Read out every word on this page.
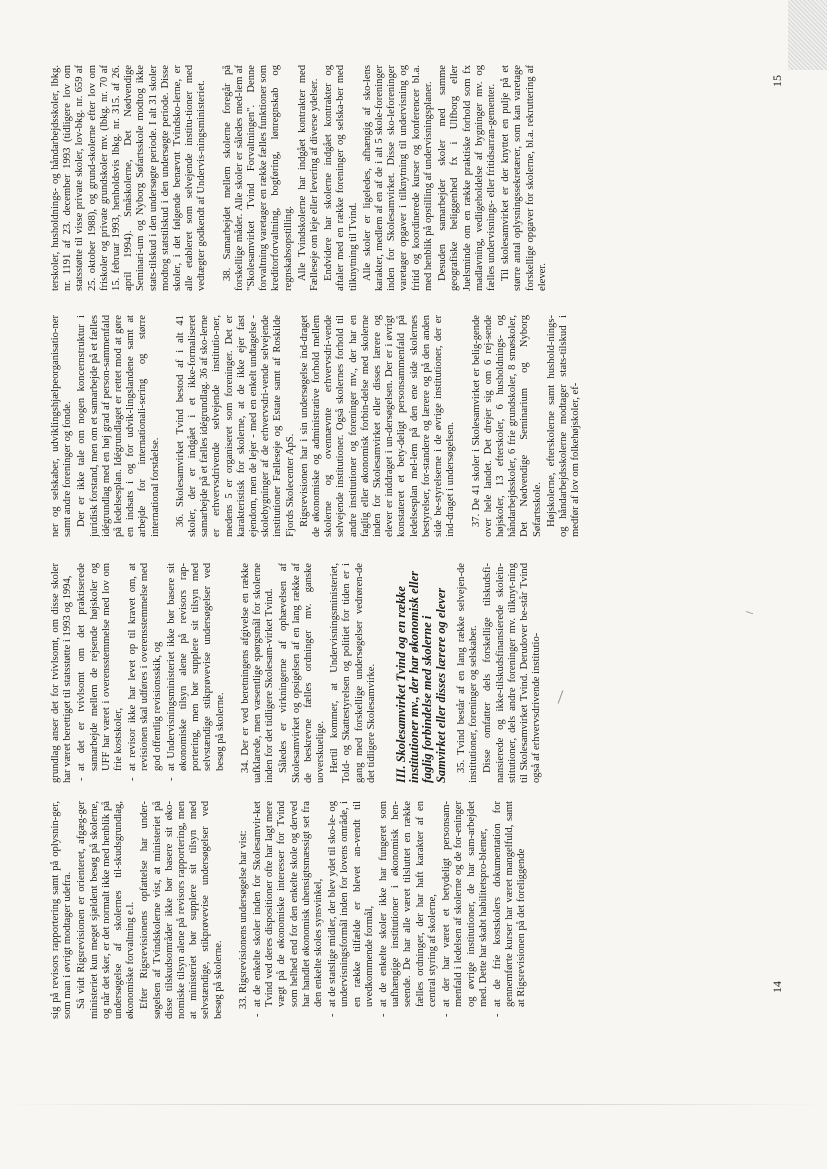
sig på revisors rapportering samt på oplysnin-ger, som man i øvrigt modtager udefra. Så vidt Rigsrevisionen er orienteret, afgæg-ger ministeriet kun meget sjældent besøg på skolerne, og når det sker, er det normalt ikke med henblik på undersøgelse af skolernes til-skudsgrundlag, økonomiske forvaltning e.l. Efter Rigsrevisionens opfattelse har under-søgelsen af Tvindskolerne vist, at ministeriet på disse tilskudsområder ikke bør basere sit øko-nomiske tilsyn alene på revisors rapportering, men at ministeriet bør supplere sit tilsyn med selvstændige, stikprøvevise undersøgelser ved besøg på skolerne. 33. Rigsrevisionens undersøgelse har vist:

-at de enkelte skoler inden for Skolesamvir-ket Tvind ved deres dispositioner ofte har lagt mere vægt på de økonomiske interesser for Tvind som helhed end for den enkelte skole og derved har handlet økonomisk uhensigtsmæssigt set fra den enkelte skoles synsvinkel,
-at de statslige midler, der blev ydet til sko-le- og undervisningsformål inden for lovens område, i en række tilfælde er blevet an-vendt til uvedkommende formål,
-at de enkelte skoler ikke har fungeret som uafhængige institutioner i økonomisk hen-seende. De har alle været tilsluttet en række fælles ordninger, der har haft karakter af en central styring af skolerne,
-at der har været et betydeligt personsam-menfald i ledelsen af skolerne og de for-eninger og øvrige institutioner, de har sam-arbejdet med. Dette har skabt habilitetspro-blemer,
-at de frie kostskolers dokumentation for gennemførte kurser har været mangelfuld, samt at Rigsrevisionen på det foreliggende

grundlag anser det for tvivlsomt, om disse skoler har været berettiget til statsstøtte i 1993 og 1994, -at det er tvivlsomt om det praktiserede samarbejde mellem de rejsende højskoler og UFF har været i overensstemmelse med lov om frie kostskoler,
-at revisor ikke har levet op til kravet om, at revisionen skal udføres i overensstemmelse med god offentlig revisionsskik, og
-at Undervisningsministeriet ikke bør basere sit økonomiske tilsyn alene på revisors rap-portering, men bør supplere sit tilsyn med selvstændige stikprøvevise undersøgelser ved besøg på skolerne. 34. Der er ved beretningens afgivelse en række uafklarede, men væsentlige spørgsmål for skolerne inden for det tidligere Skolesam-virket Tvind. Således er virkningerne af ophævelsen af Skolesamvirket og opsigelsen af en lang række af de beskrevne fælles ordninger mv. ganske uoverskuelige. Hertil kommer, at Undervisningsministeriet, Told- og Skattestyrelsen og politiet for tiden er i gang med forskellige undersøgelser vedrøren-de det tidligere Skolesamvirke. III. Skolesamvirket Tvind og en række institutioner mv., der har økonomisk eller faglig forbindelse med skolerne i Samvirket eller disses lærere og elever 35. Tvind består af en lang række selvejen-de institutioner, foreninger og selskaber. Disse omfatter dels forskellige tilskudsfi-nansierede og ikke-tilskudsfinansierede skolein-stitutioner, dels andre foreninger mv. tilknyt-ning til Skolesamvirket Tvind. Derudover be-står Tvind også af erhvervsdrivende institutio-

ner og selskaber, udviklingshjælpeorganisatio-ner samt andre foreninger og fonde. Der er ikke tale om nogen koncernstruktur i juridisk forstand, men om et samarbejde på et fælles idégrundlag med en høj grad af person-sammenfald på ledelsesplan. Idégrundlaget er rettet mod at gøre en indsats i og for udvik-lingslandene samt at arbejde for internationali-sering og større international forståelse. 36. Skolesamvirket Tvind bestod af i alt 41 skoler, der er indgået i et ikke-formaliseret samarbejde på et fælles idégrundlag. 36 af sko-lerne er erhvervsdrivende selvejende institutio-ner, medens 5 er organiseret som foreninger. Det er karakteristisk for skolerne, at de ikke ejer fast ejendom, men de lejer - med en enkelt undtagelse - skolebygninger af de erhvervsdri-vende selvejende institutioner Fælleseje og Estate samt af Roskilde Fjords Skolecenter ApS. Rigsrevisionen har i sin undersøgelse ind-draget de økonomiske og administrative forhold mellem skolerne og ovennævnte erhvervsdri-vende selvejende institutioner. Også skolernes forhold til andre institutioner og foreninger mv., der har en faglig eller økonomisk forbin-delse med skolerne inden for Skolesamvirket eller disses lærere og elever er inddraget i un-dersøgelsen. Der er i øvrigt konstateret et bety-deligt personsammenfald på ledelsesplan mel-lem på den ene side skolernes bestyrelser, for-standere og lærere og på den anden side be-styrelserne i de øvrige institutioner, der er ind-draget i undersøgelsen. 37. De 41 skoler i Skolesamvirket er belig-gende over hele landet. Det drejer sig om 6 rej-sende højskoler, 13 efterskoler, 6 husholdnings- og håndarbejdsskoler, 6 frie grundskoler, 8 smøskoler, Det Nødvendige Seminarium og Nyborg Søfartsskole. Højskolerne, efterskolerne samt hushold-nings- og håndarbejdsskolerne modtager stats-tilskud i medfør af lov om folkehøjskoler, ef-

terskoler, husholdnings- og håndarbejdsskoler, lbkg. nr. 1191 af 23. december 1993 (tidligere lov om statsstøtte til visse private skoler, lov-bkg. nr. 659 af 25. oktober 1988), og grund-skolerne efter lov om friskoler og private grundskoler mv. (lbkg. nr. 70 af 15. februar 1993, henholdsvis lbkg. nr. 315. af 26. april 1994). Småskolerne, Det Nødvendige Seminari-um og Nyborg Søfartsskole modtog ikke stats-tilskud i den undersøgte periode. I alt 31 skoler modtog statstilskud i den undersøgte periode. Disse skoler, i det følgende benævnt Tvindsko-lerne, er alle etableret som selvejende institu-tioner med vedtægter godkendt af Undervis-ningsministeriet. 38. Samarbejdet mellem skolerne foregår på forskellige måder. Alle skoler er således med-lem af "Skolesamvirket Tvind Forvaltningen". Denne forvaltning varetager en række fælles funktioner som kreditorforvaltning, bogføring, lønregnskab og regnskabsopstilling. Alle Tvindskolerne har indgået kontrakter med Fælleseje om leje eller levering af diverse ydelser. Endvidere har skolerne indgået kontrakter og aftaler med en række foreninger og selska-ber med tilknytning til Tvind. Alle skoler er ligeledes, afhængig af sko-lens karakter, medlem af en af de i alt 5 skole-foreninger inden for Skolesamvirket. Disse sko-leforeninger varetager opgaver i tilknytning til undervisning og fritid og koordinerede kurser og konferencer bl.a. med henblik på opstilling af undervisningsplaner. Desuden samarbejder skoler med samme geografiske beliggenhed fx i Ulfborg eller Juelsminde om en række praktiske forhold som fx madlavning, vedligeholdelse af bygninger mv. og fælles undervisnings- eller fritidsarran-gementer. Til skolesamvirket er der knyttet en pulje på et større antal oplysningssekretærer, som kan varetage forskellige opgaver for skolerne, bl.a. rekruttering af elever.

14
15
/
